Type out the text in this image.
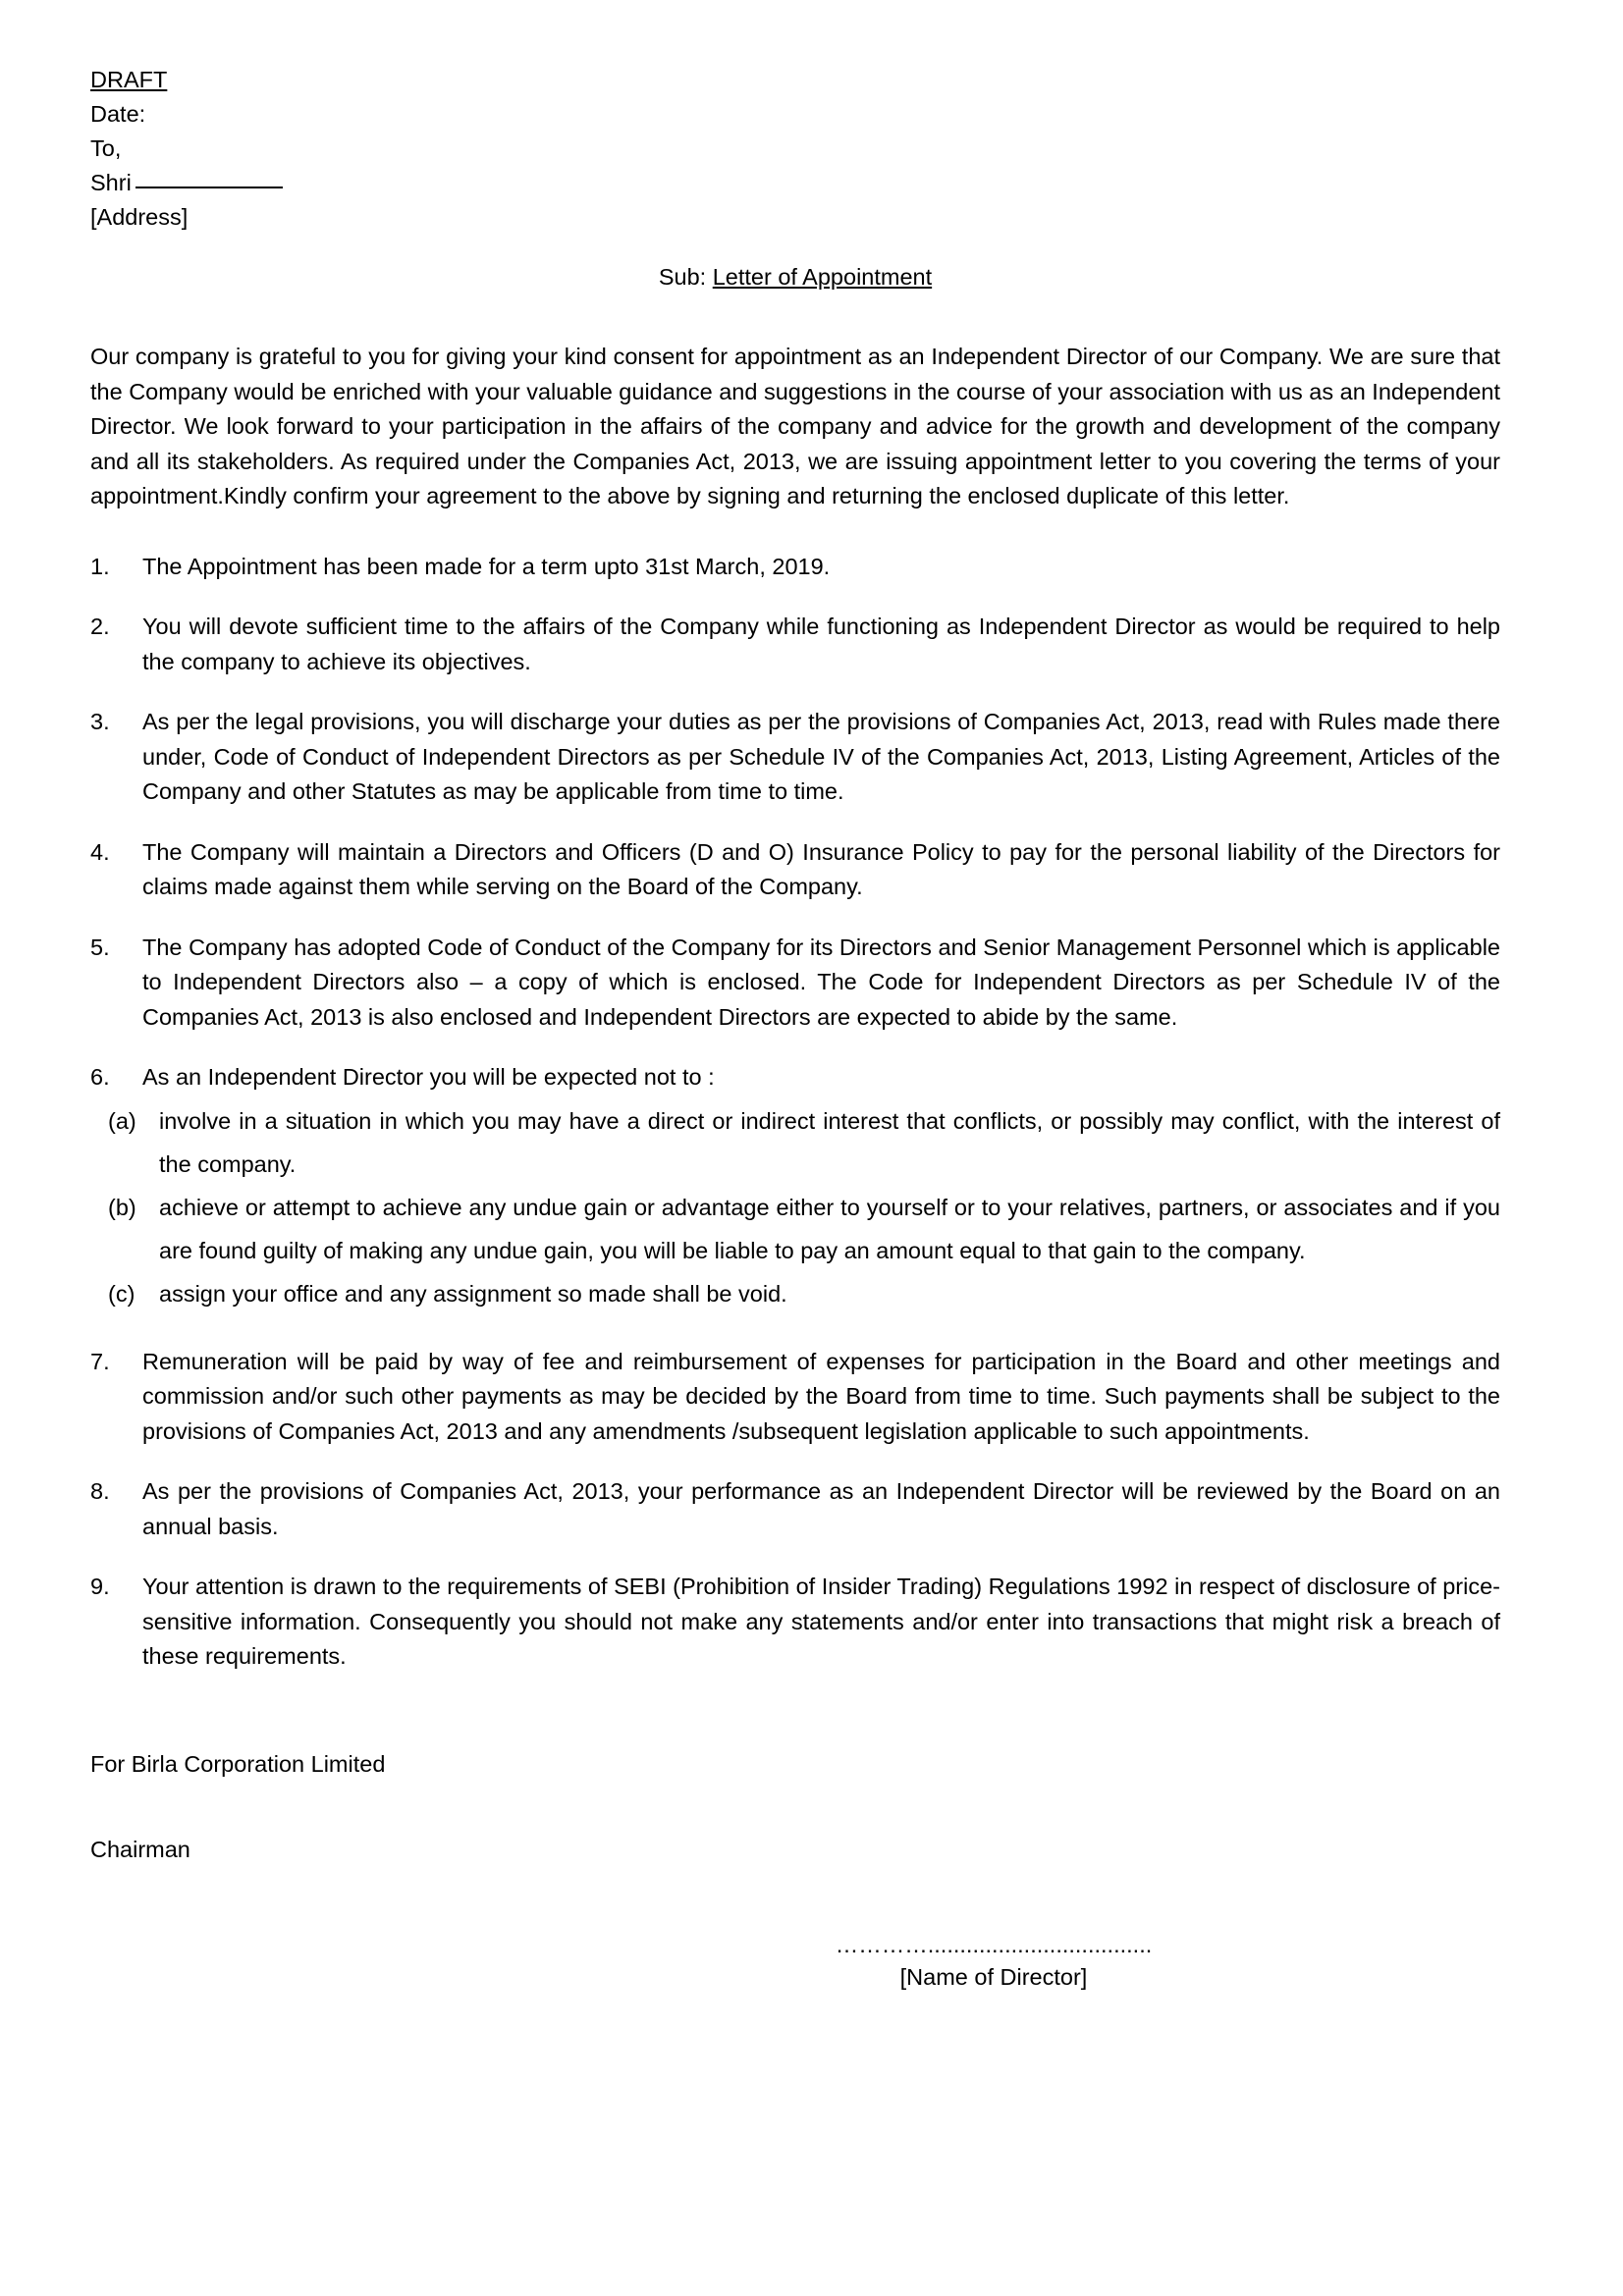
DRAFT
Date:
To,
Shri
[Address]
Sub: Letter of Appointment
Our company is grateful to you for giving your kind consent for appointment as an Independent Director of our Company. We are sure that the Company would be enriched with your valuable guidance and suggestions in the course of your association with us as an Independent Director. We look forward to your participation in the affairs of the company and advice for the growth and development of the company and all its stakeholders. As required under the Companies Act, 2013, we are issuing appointment letter to you covering the terms of your appointment.Kindly confirm your agreement to the above by signing and returning the enclosed duplicate of this letter.
1.	The Appointment has been made for a term upto 31st March, 2019.
2.	You will devote sufficient time to the affairs of the Company while functioning as Independent Director as would be required to help the company to achieve its objectives.
3.	As per the legal provisions, you will discharge your duties as per the provisions of Companies Act, 2013, read with Rules made there under, Code of Conduct of Independent Directors as per Schedule IV of the Companies Act, 2013, Listing Agreement, Articles of the Company and other Statutes as may be applicable from time to time.
4.	The Company will maintain a Directors and Officers (D and O) Insurance Policy to pay for the personal liability of the Directors for claims made against them while serving on the Board of the Company.
5.	The Company has adopted Code of Conduct of the Company for its Directors and Senior Management Personnel which is applicable to Independent Directors also – a copy of which is enclosed. The Code for Independent Directors as per Schedule IV of the Companies Act, 2013 is also enclosed and Independent Directors are expected to abide by the same.
6.	As an Independent Director you will be expected not to :
(a) involve in a situation in which you may have a direct or indirect interest that conflicts, or possibly may conflict, with the interest of the company.
(b) achieve or attempt to achieve any undue gain or advantage either to yourself or to your relatives, partners, or associates and if you are found guilty of making any undue gain, you will be liable to pay an amount equal to that gain to the company.
(c)	assign your office and any assignment so made shall be void.
7.	Remuneration will be paid by way of fee and reimbursement of expenses for participation in the Board and other meetings and commission and/or such other payments as may be decided by the Board from time to time. Such payments shall be subject to the provisions of Companies Act, 2013 and any amendments /subsequent legislation applicable to such appointments.
8.	As per the provisions of Companies Act, 2013, your performance as an Independent Director will be reviewed by the Board on an annual basis.
9.	Your attention is drawn to the requirements of SEBI (Prohibition of Insider Trading) Regulations 1992 in respect of disclosure of price-sensitive information. Consequently you should not make any statements and/or enter into transactions that might risk a breach of these requirements.
For Birla Corporation Limited
Chairman
…………...................................
[Name of Director]
